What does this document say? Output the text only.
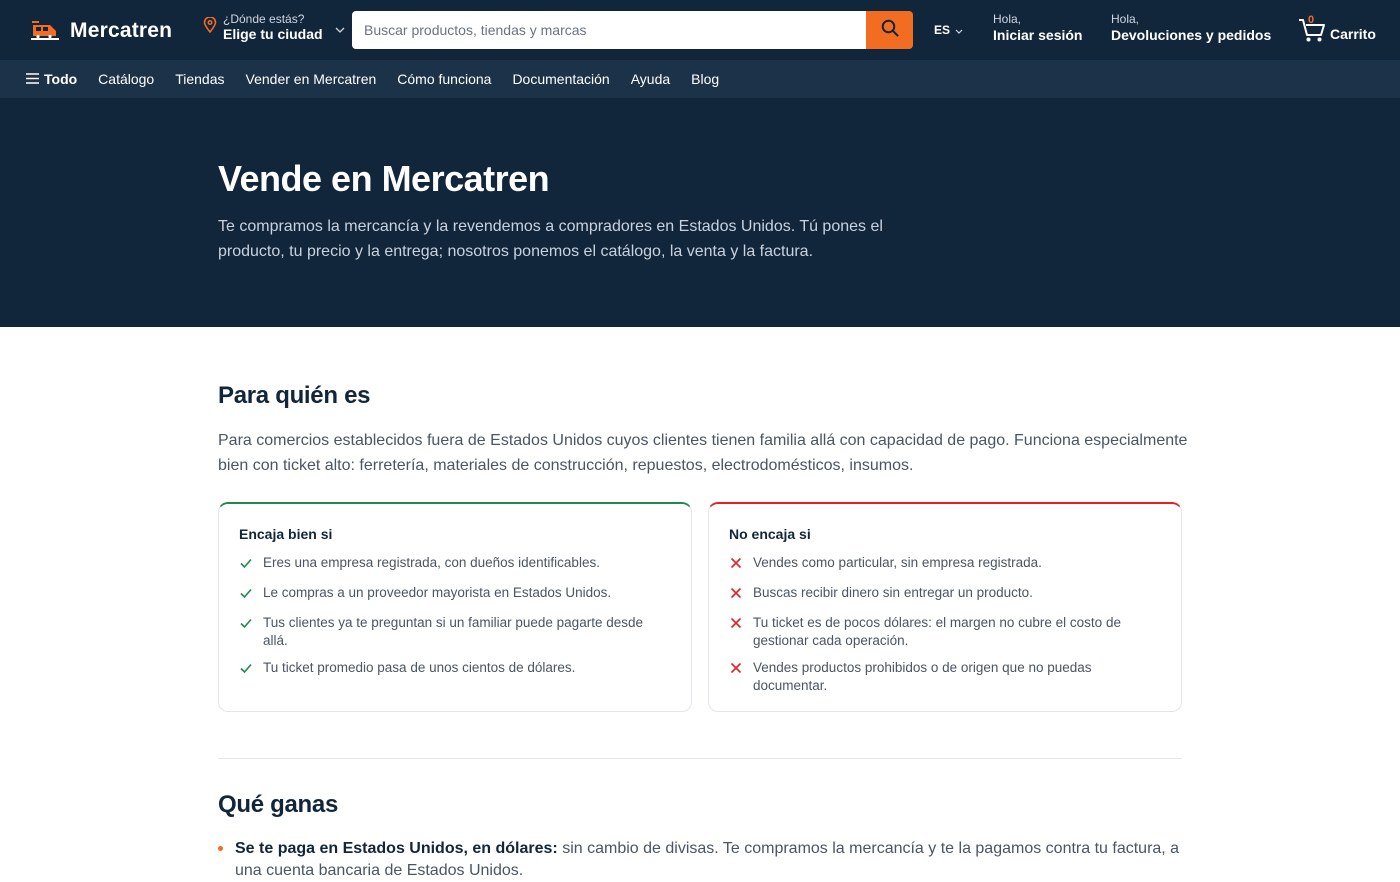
Mercatren	¿Dónde estás?
Elige tu ciudad
Buscar productos, tiendas y marcas	ES
Hola,
Iniciar sesión
Hola,
Devoluciones y pedidos
0
Carrito
Todo Catálogo Tiendas Vender en Mercatren Cómo funciona Documentación Ayuda Blog
Vende en Mercatren

Te compramos la mercancía y la revendemos a compradores en Estados Unidos. Tú pones el producto, tu precio y la entrega; nosotros ponemos el catálogo, la venta y la factura.

Para quién es

Para comercios establecidos fuera de Estados Unidos cuyos clientes tienen familia allá con capacidad de pago. Funciona especialmente bien con ticket alto: ferretería, materiales de construcción, repuestos, electrodomésticos, insumos.

Encaja bien si
Eres una empresa registrada, con dueños identificables.
Le compras a un proveedor mayorista en Estados Unidos.
Tus clientes ya te preguntan si un familiar puede pagarte desde allá.
Tu ticket promedio pasa de unos cientos de dólares.
No encaja si
Vendes como particular, sin empresa registrada.
Buscas recibir dinero sin entregar un producto.
Tu ticket es de pocos dólares: el margen no cubre el costo de gestionar cada operación.
Vendes productos prohibidos o de origen que no puedas documentar.
Qué ganas
Se te paga en Estados Unidos, en dólares: sin cambio de divisas. Te compramos la mercancía y te la pagamos contra tu factura, a una cuenta bancaria de Estados Unidos.
